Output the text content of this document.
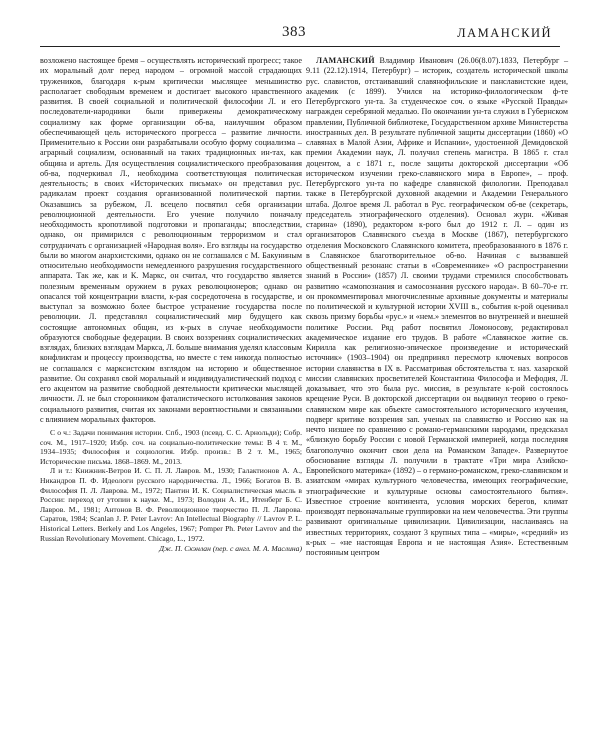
383	ЛАМАНСКИЙ

возложено настоящее бремя – осуществлять исторический прогресс; такое их моральный долг перед народом – огромной массой страдающих тружеников, благодаря к-рым критически мыслящее меньшинство располагает свободным временем и достигает высокого нравственного развития. В своей социальной и политической философии Л. и его последователи-народники были привержены демократическому социализму как форме организации об-ва, наилучшим образом обеспечивающей цель исторического прогресса – развитие личности. Применительно к России они разрабатывали особую форму социализма – аграрный социализм, основанный на таких традиционных ин-тах, как община и артель. Для осуществления социалистического преобразования об-ва, подчеркивал Л., необходима соответствующая политическая деятельность; в своих «Исторических письмах» он представил рус. радикалам проект создания организованной политической партии. Оказавшись за рубежом, Л. всецело посвятил себя организации революционной деятельности. Его учение получило поначалу необходимость кропотливой подготовки и пропаганды; впоследствии, однако, он примирился с революционным терроризмом и стал сотрудничать с организацией «Народная воля». Его взгляды на государство были во многом анархистскими, однако он не соглашался с М. Бакуниным относительно необходимости немедленного разрушения государственного аппарата. Так же, как и К. Маркс, он считал, что государство является полезным временным оружием в руках революционеров; однако он опасался той концентрации власти, к-рая сосредоточена в государстве, и выступал за возможно более быстрое устранение государства после революции. Л. представлял социалистический мир будущего как состоящие автономных общин, из к-рых в случае необходимости образуются свободные федерации. В своих воззрениях социалистических взглядах, близких взглядам Маркса, Л. больше внимания уделял классовым конфликтам и процессу производства, но вместе с тем никогда полностью не соглашался с марксистским взглядом на историю и общественное развитие. Он сохранял свой моральный и индивидуалистический подход с его акцентом на развитие свободной деятельности критически мыслящей личности. Л. не был сторонником фаталистического истолкования законов социального развития, считая их законами вероятностными и связанными с влиянием моральных факторов.

С о ч.: Задачи понимания истории. Спб., 1903 (псевд. С. С. Арнольди); Собр. соч. М., 1917–1920; Избр. соч. на социально-политические темы: В 4 т. М., 1934–1935; Философия и социология. Избр. произв.: В 2 т. М., 1965; Исторические письма. 1868–1869. М., 2013.

Л и т.: Книжник-Ветров И. С. П. Л. Лавров. М., 1930; Галактионов А. А., Никандров П. Ф. Идеологи русского народничества. Л., 1966; Богатов В. В. Философия П. Л. Лаврова. М., 1972; Пантин И. К. Социалистическая мысль в России: переход от утопии к науке. М., 1973; Володин А. И., Итенберг Б. С. Лавров. М., 1981; Антонов В. Ф. Революционное творчество П. Л. Лаврова. Саратов, 1984; Scanlan J. P. Peter Lavrov: An Intellectual Biography // Lavrov P. L. Historical Letters. Berkely and Los Angeles, 1967; Pomper Ph. Peter Lavrov and the Russian Revolutionary Movement. Chicago, L., 1972.

Дж. П. Скэнлан (пер. с англ. М. А. Маслина)

ЛАМАНСКИЙ Владимир Иванович (26.06(8.07).1833, Петербург – 9.11 (22.12).1914, Петербург) – историк, создатель исторической школы рус. славистов, отстаивавший славянофильские и панславистские идеи, академик (с 1899). Учился на историко-филологическом ф-те Петербургского ун-та. За студенческое соч. о языке «Русской Правды» награжден серебряной медалью. По окончании ун-та служил в Губернском правлении, Публичной библиотеке, Государственном архиве Министерства иностранных дел. В результате публичной защиты диссертации (1860) «О славянах в Малой Азии, Африке и Испании», удостоенной Демидовской премии Академии наук, Л. получил степень магистра. В 1865 г. стал доцентом, а с 1871 г., после защиты докторской диссертации «Об историческом изучении греко-славянского мира в Европе», – проф. Петербургского ун-та по кафедре славянской филологии. Преподавал также в Петербургской духовной академии и Академии Генерального штаба. Долгое время Л. работал в Рус. географическом об-ве (секретарь, председатель этнографического отделения). Основал журн. «Живая старина» (1890), редактором к-рого был до 1912 г. Л. – один из организаторов Славянского съезда в Москве (1867), петербургского отделения Московского Славянского комитета, преобразованного в 1876 г. в Славянское благотворительное об-во. Начиная с вызвавшей общественный резонанс статьи в «Современнике» «О распространении знаний в России» (1857) Л. своими трудами стремился способствовать развитию «самопознания и самосознания русского народа». В 60–70-е гг. он прокомментировал многочисленные архивные документы и материалы по политической и культурной истории XVIII в., события к-рой оценивал сквозь призму борьбы «рус.» и «нем.» элементов во внутренней и внешней политике России. Ряд работ посвятил Ломоносову, редактировал академическое издание его трудов. В работе «Славянское житие св. Кирилла как религиозно-эпическое произведение и исторический источник» (1903–1904) он предпринял пересмотр ключевых вопросов истории славянства в IX в. Рассматривая обстоятельства т. наз. хазарской миссии славянских просветителей Константина Философа и Мефодия, Л. доказывает, что это была рус. миссия, в результате к-рой состоялось крещение Руси. В докторской диссертации он выдвинул теорию о греко-славянском мире как объекте самостоятельного исторического изучения, подверг критике воззрения зап. ученых на славянство и Россию как на нечто низшее по сравнению с романо-германскими народами, предсказал «близкую борьбу России с новой Германской империей, когда последняя благополучно окончит свои дела на Романском Западе». Развернутое обоснование взгляды Л. получили в трактате «Три мира Азийско-Европейского материка» (1892) – о германо-романском, греко-славянском и азиатском «мирах культурного человечества, имеющих географические, этнографические и культурные основы самостоятельного бытия». Известное строение континента, условия морских берегов, климат производят первоначальные группировки на нем человечества. Эти группы развивают оригинальные цивилизации. Цивилизации, наслаиваясь на известных территориях, создают 3 крупных типа – «миры», «средний» из к-рых – «не настоящая Европа и не настоящая Азия». Естественным постоянным центром
